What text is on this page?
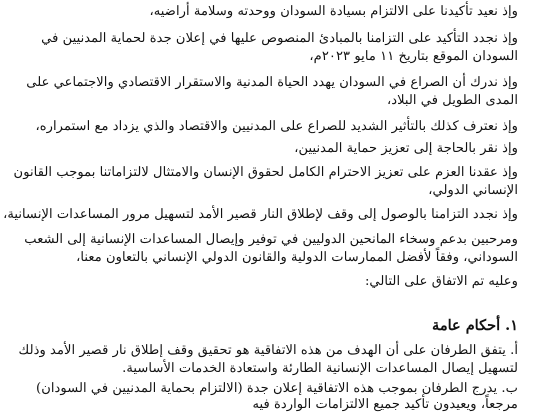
وإذ نعيد تأكيدنا على الالتزام بسيادة السودان ووحدته وسلامة أراضيه،

وإذ نجدد التأكيد على التزامنا بالمبادئ المنصوص عليها في إعلان جدة لحماية المدنيين في

السودان الموقع بتاريخ ١١ مايو ٢٠٢٣م،

وإذ ندرك أن الصراع في السودان يهدد الحياة المدنية والاستقرار الاقتصادي والاجتماعي على

المدى الطويل في البلاد،

وإذ نعترف كذلك بالتأثير الشديد للصراع على المدنيين والاقتصاد والذي يزداد مع استمراره،

وإذ نقر بالحاجة إلى تعزيز حماية المدنيين،

وإذ عقدنا العزم على تعزيز الاحترام الكامل لحقوق الإنسان والامتثال لالتزاماتنا بموجب القانون

الإنساني الدولي،

وإذ نجدد التزامنا بالوصول إلى وقف لإطلاق النار قصير الأمد لتسهيل مرور المساعدات الإنسانية،

ومرحبين بدعم وسخاء المانحين الدوليين في توفير وإيصال المساعدات الإنسانية إلى الشعب

السوداني، وفقاً لأفضل الممارسات الدولية والقانون الدولي الإنساني بالتعاون معنا،

وعليه تم الاتفاق على التالي:

١. أحكام عامة

أ. يتفق الطرفان على أن الهدف من هذه الاتفاقية هو تحقيق وقف إطلاق نار قصير الأمد وذلك

لتسهيل إيصال المساعدات الإنسانية الطارئة واستعادة الخدمات الأساسية.

ب. يدرج الطرفان بموجب هذه الاتفاقية إعلان جدة (الالتزام بحماية المدنيين في السودان)

مرجعاً، ويعيدون تأكيد جميع الالتزامات الواردة فيه
